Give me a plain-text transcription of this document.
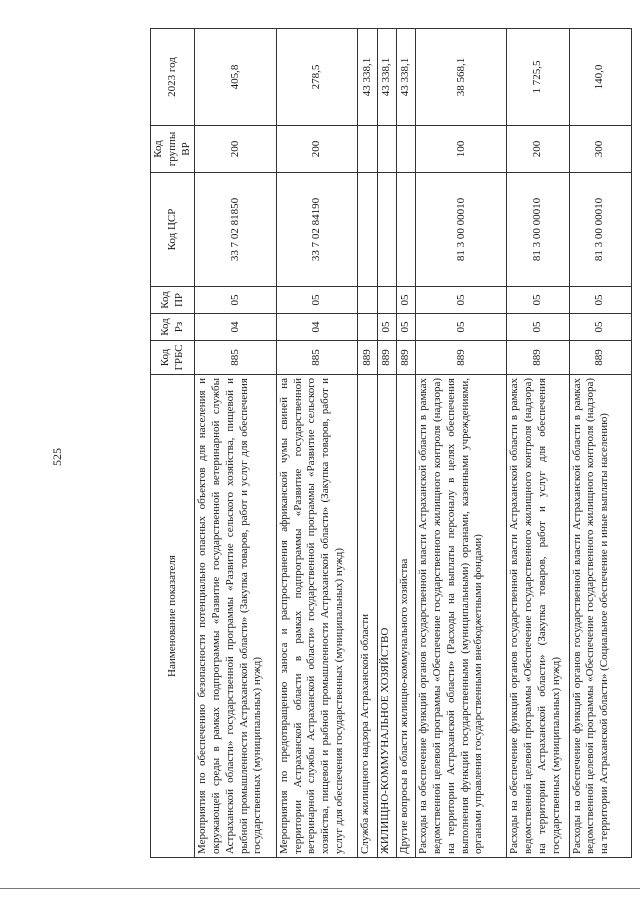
525
Наименование показателя	Код ГРБС	Код Рз	Код ПР	Код ЦСР	Код группы ВР	2023 год
Мероприятия по обеспечению безопасности потенциально опасных объектов для населения и окружающей среды в рамках подпрограммы «Развитие государственной ветеринарной службы Астраханской области» государственной программы «Развитие сельского хозяйства, пищевой и рыбной промышленности Астраханской области» (Закупка товаров, работ и услуг для обеспечения государственных (муниципальных) нужд)	885	04	05	33 7 02 81850	200	405,8
Мероприятия по предотвращению заноса и распространения африканской чумы свиней на территории Астраханской области в рамках подпрограммы «Развитие государственной ветеринарной службы Астраханской области» государственной программы «Развитие сельского хозяйства, пищевой и рыбной промышленности Астраханской области» (Закупка товаров, работ и услуг для обеспечения государственных (муниципальных) нужд)	885	04	05	33 7 02 84190	200	278,5
Служба жилищного надзора Астраханской области	889					43 338,1
ЖИЛИЩНО-КОММУНАЛЬНОЕ ХОЗЯЙСТВО	889	05				43 338,1
Другие вопросы в области жилищно-коммунального хозяйства	889	05	05			43 338,1
Расходы на обеспечение функций органов государственной власти Астраханской области в рамках ведомственной целевой программы «Обеспечение государственного жилищного контроля (надзора) на территории Астраханской области» (Расходы на выплаты персоналу в целях обеспечения выполнения функций государственными (муниципальными) органами, казенными учреждениями, органами управления государственными внебюджетными фондами)	889	05	05	81 3 00 00010	100	38 568,1
Расходы на обеспечение функций органов государственной власти Астраханской области в рамках ведомственной целевой программы «Обеспечение государственного жилищного контроля (надзора) на территории Астраханской области» (Закупка товаров, работ и услуг для обеспечения государственных (муниципальных) нужд)	889	05	05	81 3 00 00010	200	1 725,5
Расходы на обеспечение функций органов государственной власти Астраханской области в рамках ведомственной целевой программы «Обеспечение государственного жилищного контроля (надзора) на территории Астраханской области» (Социальное обеспечение и иные выплаты населению)	889	05	05	81 3 00 00010	300	140,0
